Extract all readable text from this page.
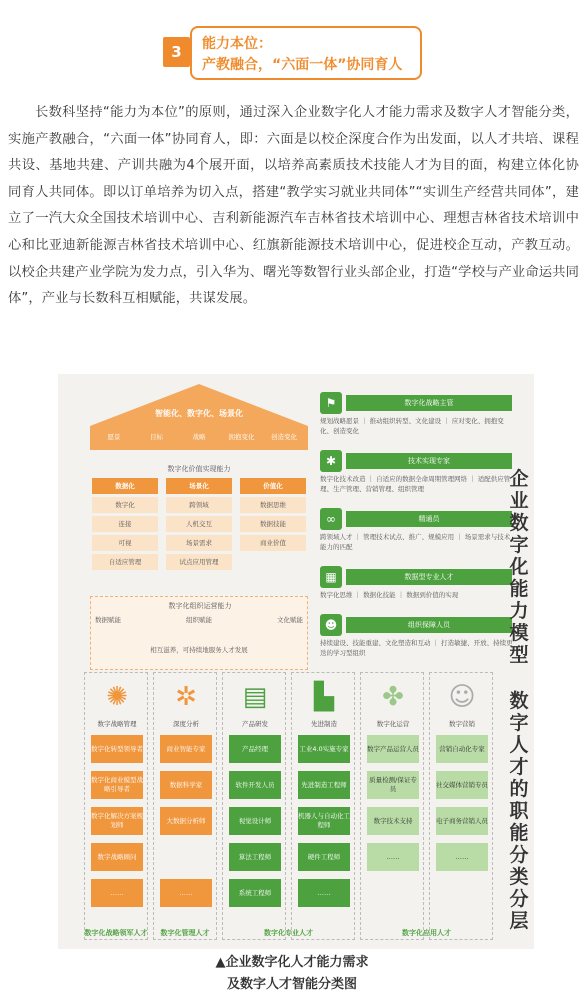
3	能力本位：
产教融合，“六面一体”协同育人

长数科坚持“能力为本位”的原则，通过深入企业数字化人才能力需求及数字人才智能分类，实施产教融合，“六面一体”协同育人，即：六面是以校企深度合作为出发面，以人才共培、课程共设、基地共建、产训共融为4个展开面，以培养高素质技术技能人才为目的面，构建立体化协同育人共同体。即以订单培养为切入点，搭建“教学实习就业共同体”“实训生产经营共同体”，建立了一汽大众全国技术培训中心、吉利新能源汽车吉林省技术培训中心、理想吉林省技术培训中心和比亚迪新能源吉林省技术培训中心、红旗新能源技术培训中心，促进校企互动，产教互动。以校企共建产业学院为发力点，引入华为、曙光等数智行业头部企业，打造“学校与产业命运共同体”，产业与长数科互相赋能，共谋发展。

智能化、数字化、场景化
愿景	目标	战略	拥抱变化	创造变化
数字化价值实现能力
数据化	场景化	价值化
数字化	跨领域	数据思维
连接	人机交互	数据技能
可视	场景需求	商业价值
自适应管理	试点应用管理
数字化组织运营能力
数据赋能	组织赋能	文化赋能
相互滋养，可持续地服务人才发展
⚑	数字化战略主管
规划战略愿景 ｜ 推动组织转型、文化建设 ｜ 应对变化、拥抱变化、创造变化
✱	技术实现专家
数字化技术改造 ｜ 自适应的数据全命周期管理网络 ｜ 适配供应管理、生产管理、营销管理、组织管理
∞	精通员
跨领域人才 ｜ 管理技术试点、推广、规模应用 ｜ 场景需求与技术能力的匹配
▦	数据型专业人才
数字化思维 ｜ 数据化技能 ｜ 数据到价值的实现
☻	组织保障人员
持续建设、技能重建、文化塑造和互动 ｜ 打造敏捷、开放、持续更迭的学习型组织
企业数字化能力模型
数字人才的职能分类分层
✺
数字战略管理
数字化转型领导者
数字化商业模型战略引导者
数字化解决方案规划师
数字战略顾问
……
✲
深度分析
商业智能专家
数据科学家
大数据分析师
……
▤
产品研发
产品经理
软件开发人员
视觉设计师
算法工程师
系统工程师
▙
先进制造
工业4.0实施专家
先进制造工程师
机器人与自动化工程师
硬件工程师
……
✤
数字化运营
数字产品运营人员
质量检测/保证专员
数字技术支持
……
☺
数字营销
营销自动化专家
社交媒体营销专员
电子商务营销人员
……
数字化战略领军人才	数字化管理人才	数字化专业人才	数字化应用人才
▲企业数字化人才能力需求
及数字人才智能分类图
